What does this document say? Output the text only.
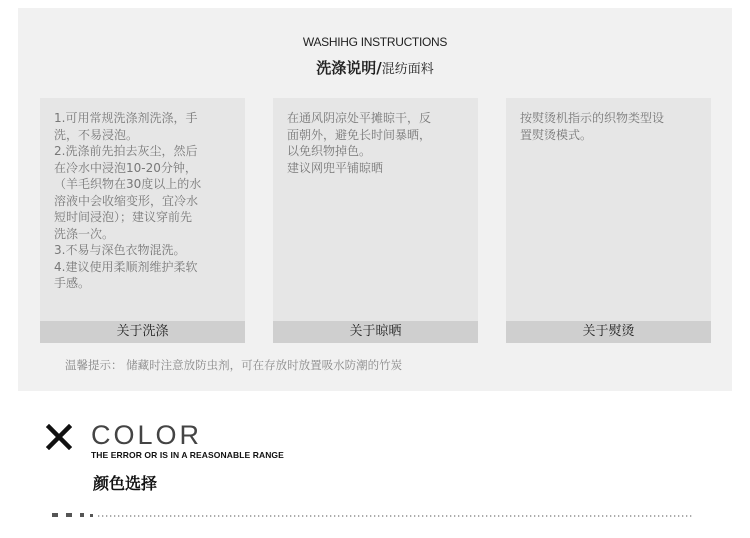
WASHIHG INSTRUCTIONS
洗涤说明/混纺面料
1.可用常规洗涤剂洗涤，手
洗，不易浸泡。
2.洗涤前先拍去灰尘，然后
在冷水中浸泡10-20分钟，
（羊毛织物在30度以上的水
溶液中会收缩变形，宜冷水
短时间浸泡）；建议穿前先
洗涤一次。
3.不易与深色衣物混洗。
4.建议使用柔顺剂维护柔软
手感。
关于洗涤
在通风阴凉处平摊晾干，反
面朝外，避免长时间暴晒，
以免织物掉色。
建议网兜平铺晾晒
关于晾晒
按熨烫机指示的织物类型设
置熨烫模式。
关于熨烫
温馨提示： 储藏时注意放防虫剂，可在存放时放置吸水防潮的竹炭
COLOR
THE ERROR OR IS IN A REASONABLE RANGE
颜色选择
